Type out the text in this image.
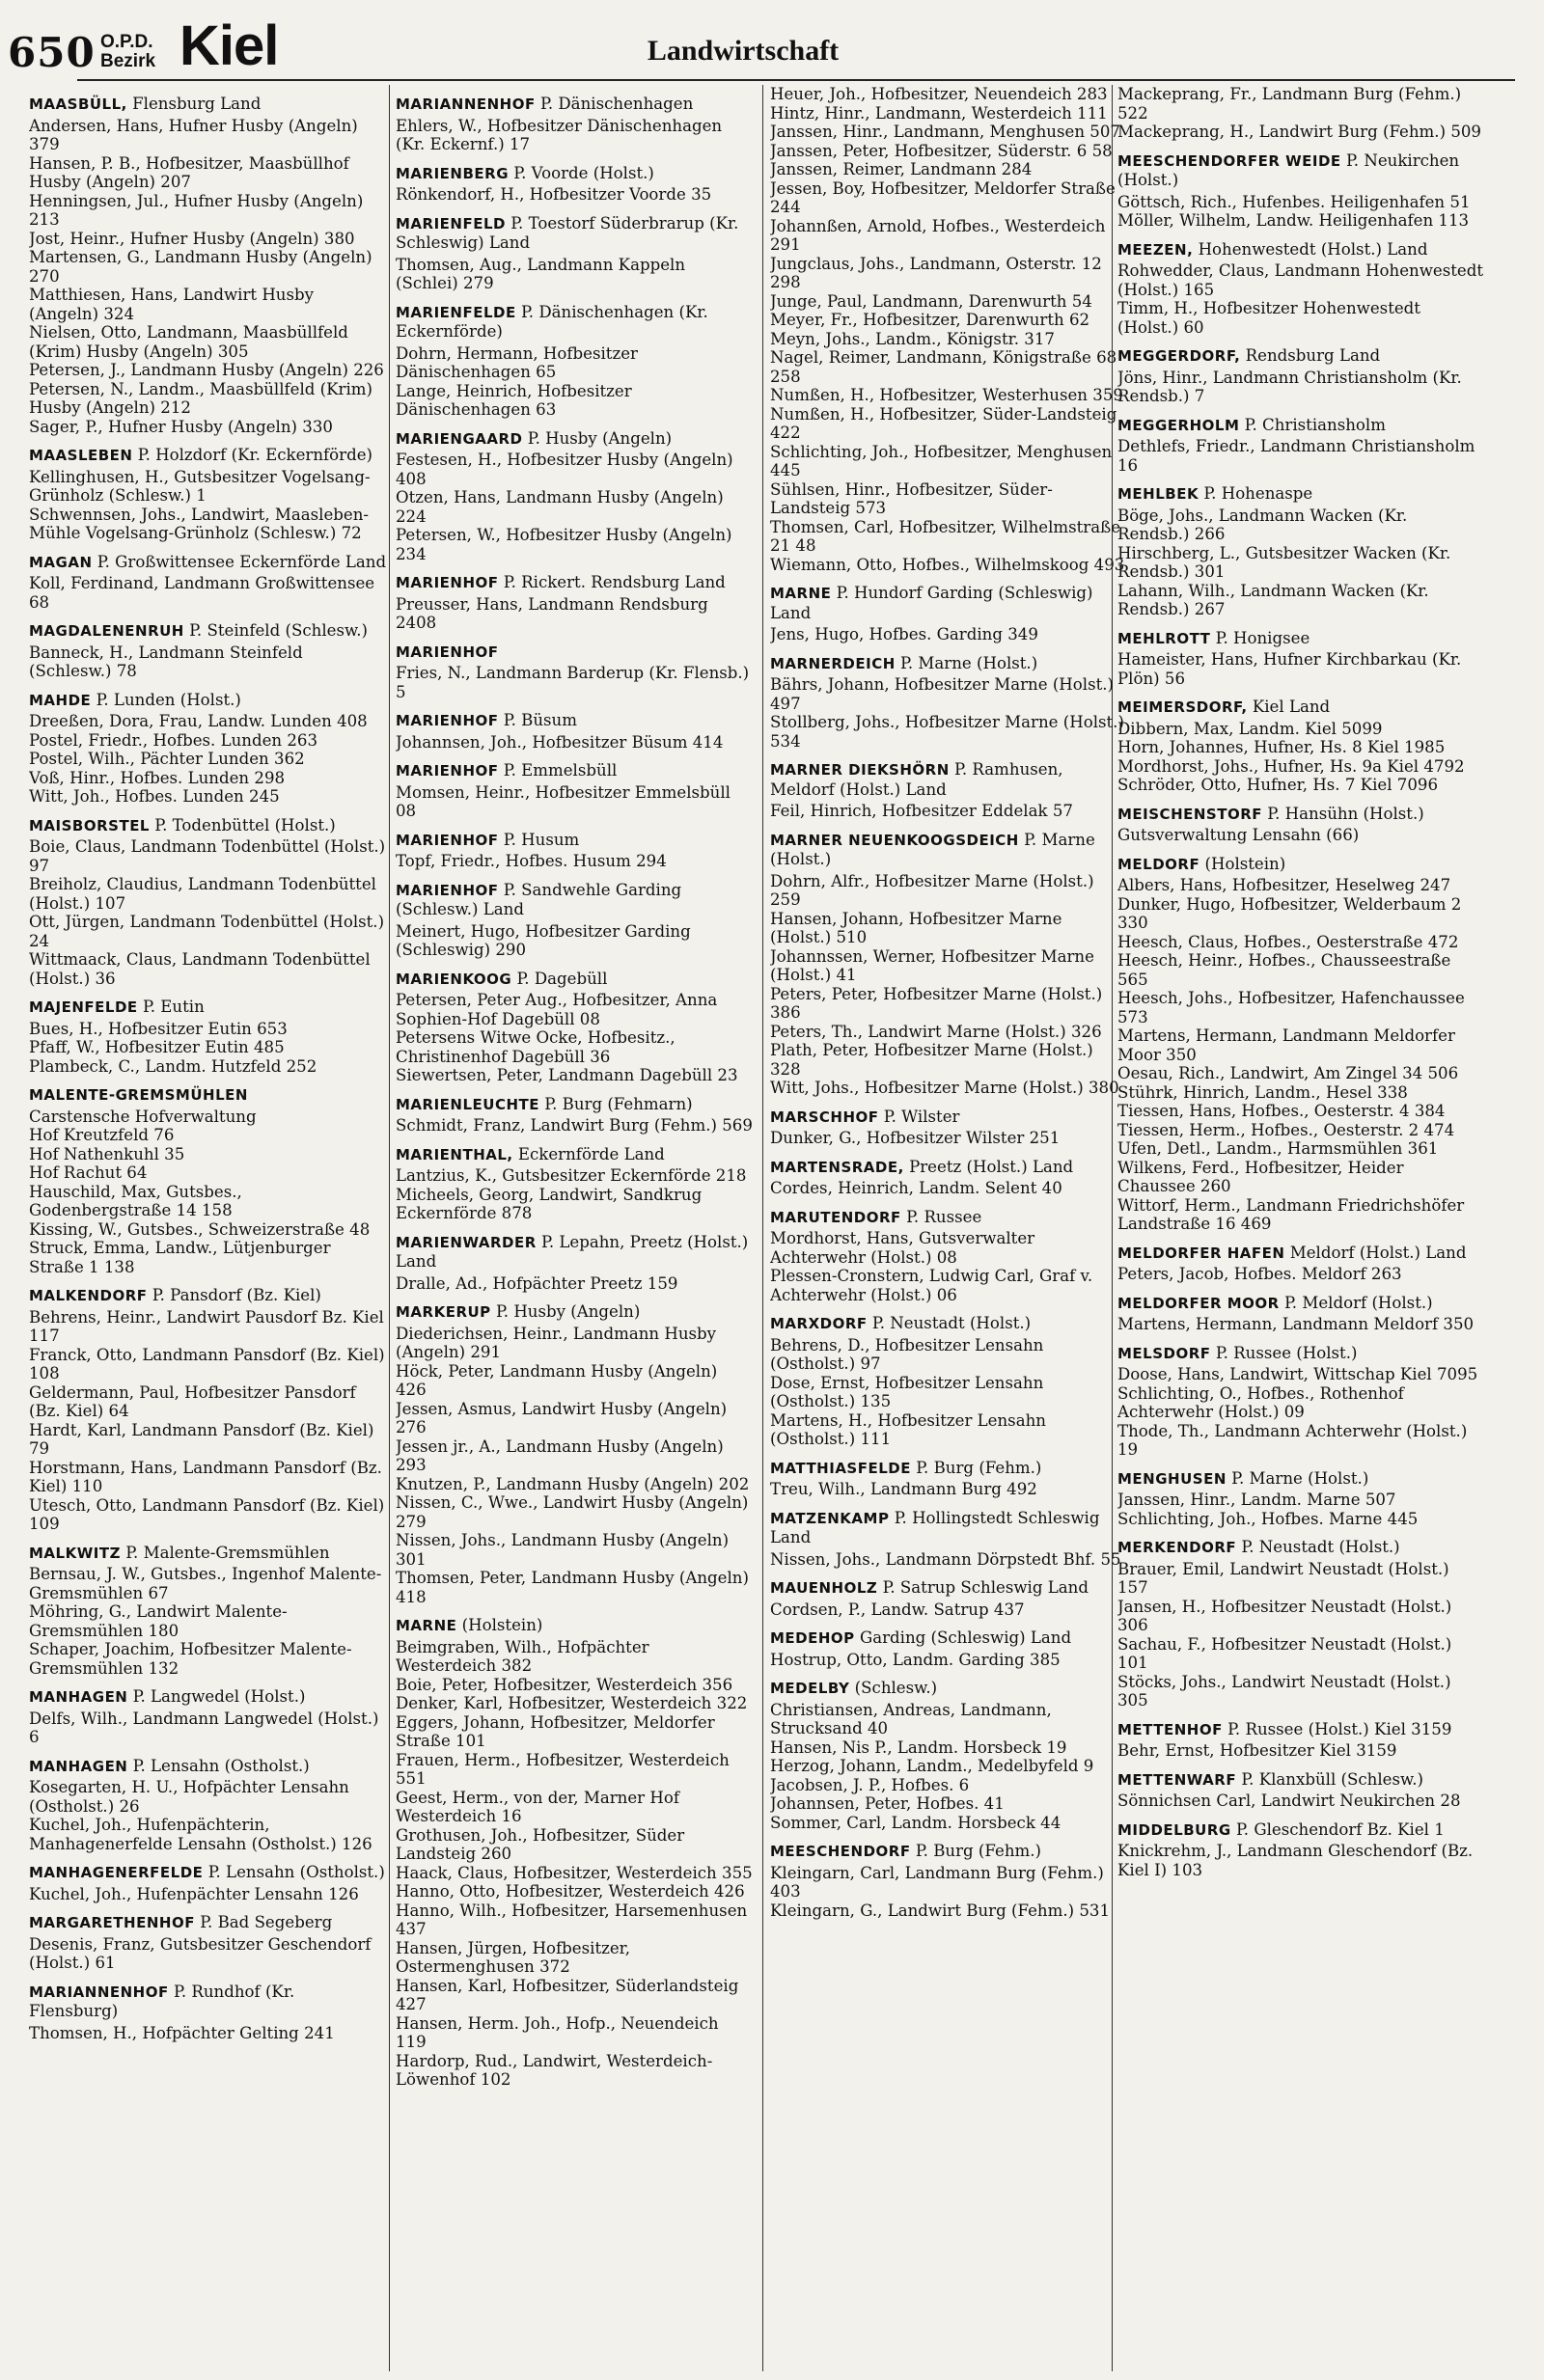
650 O.P.D.
Bezirk Kiel	Landwirtschaft
MAASBÜLL, Flensburg Land
Andersen, Hans, Hufner Husby (Angeln) 379
Hansen, P. B., Hofbesitzer, Maasbüllhof Husby (Angeln) 207
Henningsen, Jul., Hufner Husby (Angeln) 213
Jost, Heinr., Hufner Husby (Angeln) 380
Martensen, G., Landmann Husby (Angeln) 270
Matthiesen, Hans, Landwirt Husby (Angeln) 324
Nielsen, Otto, Landmann, Maasbüllfeld (Krim) Husby (Angeln) 305
Petersen, J., Landmann Husby (Angeln) 226
Petersen, N., Landm., Maasbüllfeld (Krim) Husby (Angeln) 212
Sager, P., Hufner Husby (Angeln) 330
MAASLEBEN P. Holzdorf (Kr. Eckernförde)
Kellinghusen, H., Gutsbesitzer Vogelsang-Grünholz (Schlesw.) 1
Schwennsen, Johs., Landwirt, Maasleben-Mühle Vogelsang-Grünholz (Schlesw.) 72
MAGAN P. Großwittensee Eckernförde Land
Koll, Ferdinand, Landmann Großwittensee 68
MAGDALENENRUH P. Steinfeld (Schlesw.)
Banneck, H., Landmann Steinfeld (Schlesw.) 78
MAHDE P. Lunden (Holst.)
Dreeßen, Dora, Frau, Landw. Lunden 408
Postel, Friedr., Hofbes. Lunden 263
Postel, Wilh., Pächter Lunden 362
Voß, Hinr., Hofbes. Lunden 298
Witt, Joh., Hofbes. Lunden 245
MAISBORSTEL P. Todenbüttel (Holst.)
Boie, Claus, Landmann Todenbüttel (Holst.) 97
Breiholz, Claudius, Landmann Todenbüttel (Holst.) 107
Ott, Jürgen, Landmann Todenbüttel (Holst.) 24
Wittmaack, Claus, Landmann Todenbüttel (Holst.) 36
MAJENFELDE P. Eutin
Bues, H., Hofbesitzer Eutin 653
Pfaff, W., Hofbesitzer Eutin 485
Plambeck, C., Landm. Hutzfeld 252
MALENTE-GREMSMÜHLEN
Carstensche Hofverwaltung
Hof Kreutzfeld 76
Hof Nathenkuhl 35
Hof Rachut 64
Hauschild, Max, Gutsbes., Godenbergstraße 14 158
Kissing, W., Gutsbes., Schweizerstraße 48
Struck, Emma, Landw., Lütjenburger Straße 1 138
MALKENDORF P. Pansdorf (Bz. Kiel)
Behrens, Heinr., Landwirt Pausdorf Bz. Kiel 117
Franck, Otto, Landmann Pansdorf (Bz. Kiel) 108
Geldermann, Paul, Hofbesitzer Pansdorf (Bz. Kiel) 64
Hardt, Karl, Landmann Pansdorf (Bz. Kiel) 79
Horstmann, Hans, Landmann Pansdorf (Bz. Kiel) 110
Utesch, Otto, Landmann Pansdorf (Bz. Kiel) 109
MALKWITZ P. Malente-Gremsmühlen
Bernsau, J. W., Gutsbes., Ingenhof Malente-Gremsmühlen 67
Möhring, G., Landwirt Malente-Gremsmühlen 180
Schaper, Joachim, Hofbesitzer Malente-Gremsmühlen 132
MANHAGEN P. Langwedel (Holst.)
Delfs, Wilh., Landmann Langwedel (Holst.) 6
MANHAGEN P. Lensahn (Ostholst.)
Kosegarten, H. U., Hofpächter Lensahn (Ostholst.) 26
Kuchel, Joh., Hufenpächterin, Manhagenerfelde Lensahn (Ostholst.) 126
MANHAGENERFELDE P. Lensahn (Ostholst.)
Kuchel, Joh., Hufenpächter Lensahn 126
MARGARETHENHOF P. Bad Segeberg
Desenis, Franz, Gutsbesitzer Geschendorf (Holst.) 61
MARIANNENHOF P. Rundhof (Kr. Flensburg)
Thomsen, H., Hofpächter Gelting 241
MARIANNENHOF P. Dänischenhagen
Ehlers, W., Hofbesitzer Dänischenhagen (Kr. Eckernf.) 17
MARIENBERG P. Voorde (Holst.)
Rönkendorf, H., Hofbesitzer Voorde 35
MARIENFELD P. Toestorf Süderbrarup (Kr. Schleswig) Land
Thomsen, Aug., Landmann Kappeln (Schlei) 279
MARIENFELDE P. Dänischenhagen (Kr. Eckernförde)
Dohrn, Hermann, Hofbesitzer Dänischenhagen 65
Lange, Heinrich, Hofbesitzer Dänischenhagen 63
MARIENGAARD P. Husby (Angeln)
Festesen, H., Hofbesitzer Husby (Angeln) 408
Otzen, Hans, Landmann Husby (Angeln) 224
Petersen, W., Hofbesitzer Husby (Angeln) 234
MARIENHOF P. Rickert. Rendsburg Land
Preusser, Hans, Landmann Rendsburg 2408
MARIENHOF
Fries, N., Landmann Barderup (Kr. Flensb.) 5
MARIENHOF P. Büsum
Johannsen, Joh., Hofbesitzer Büsum 414
MARIENHOF P. Emmelsbüll
Momsen, Heinr., Hofbesitzer Emmelsbüll 08
MARIENHOF P. Husum
Topf, Friedr., Hofbes. Husum 294
MARIENHOF P. Sandwehle Garding (Schlesw.) Land
Meinert, Hugo, Hofbesitzer Garding (Schleswig) 290
MARIENKOOG P. Dagebüll
Petersen, Peter Aug., Hofbesitzer, Anna Sophien-Hof Dagebüll 08
Petersens Witwe Ocke, Hofbesitz., Christinenhof Dagebüll 36
Siewertsen, Peter, Landmann Dagebüll 23
MARIENLEUCHTE P. Burg (Fehmarn)
Schmidt, Franz, Landwirt Burg (Fehm.) 569
MARIENTHAL, Eckernförde Land
Lantzius, K., Gutsbesitzer Eckernförde 218
Micheels, Georg, Landwirt, Sandkrug Eckernförde 878
MARIENWARDER P. Lepahn, Preetz (Holst.) Land
Dralle, Ad., Hofpächter Preetz 159
MARKERUP P. Husby (Angeln)
Diederichsen, Heinr., Landmann Husby (Angeln) 291
Höck, Peter, Landmann Husby (Angeln) 426
Jessen, Asmus, Landwirt Husby (Angeln) 276
Jessen jr., A., Landmann Husby (Angeln) 293
Knutzen, P., Landmann Husby (Angeln) 202
Nissen, C., Wwe., Landwirt Husby (Angeln) 279
Nissen, Johs., Landmann Husby (Angeln) 301
Thomsen, Peter, Landmann Husby (Angeln) 418
MARNE (Holstein)
Beimgraben, Wilh., Hofpächter Westerdeich 382
Boie, Peter, Hofbesitzer, Westerdeich 356
Denker, Karl, Hofbesitzer, Westerdeich 322
Eggers, Johann, Hofbesitzer, Meldorfer Straße 101
Frauen, Herm., Hofbesitzer, Westerdeich 551
Geest, Herm., von der, Marner Hof Westerdeich 16
Grothusen, Joh., Hofbesitzer, Süder Landsteig 260
Haack, Claus, Hofbesitzer, Westerdeich 355
Hanno, Otto, Hofbesitzer, Westerdeich 426
Hanno, Wilh., Hofbesitzer, Harsemenhusen 437
Hansen, Jürgen, Hofbesitzer, Ostermenghusen 372
Hansen, Karl, Hofbesitzer, Süderlandsteig 427
Hansen, Herm. Joh., Hofp., Neuendeich 119
Hardorp, Rud., Landwirt, Westerdeich-Löwenhof 102
Heuer, Joh., Hofbesitzer, Neuendeich 283
Hintz, Hinr., Landmann, Westerdeich 111
Janssen, Hinr., Landmann, Menghusen 507
Janssen, Peter, Hofbesitzer, Süderstr. 6 58
Janssen, Reimer, Landmann 284
Jessen, Boy, Hofbesitzer, Meldorfer Straße 244
Johannßen, Arnold, Hofbes., Westerdeich 291
Jungclaus, Johs., Landmann, Osterstr. 12 298
Junge, Paul, Landmann, Darenwurth 54
Meyer, Fr., Hofbesitzer, Darenwurth 62
Meyn, Johs., Landm., Königstr. 317
Nagel, Reimer, Landmann, Königstraße 68 258
Numßen, H., Hofbesitzer, Westerhusen 359
Numßen, H., Hofbesitzer, Süder-Landsteig 422
Schlichting, Joh., Hofbesitzer, Menghusen 445
Sühlsen, Hinr., Hofbesitzer, Süder-Landsteig 573
Thomsen, Carl, Hofbesitzer, Wilhelmstraße 21 48
Wiemann, Otto, Hofbes., Wilhelmskoog 493
MARNE P. Hundorf Garding (Schleswig) Land
Jens, Hugo, Hofbes. Garding 349
MARNERDEICH P. Marne (Holst.)
Bährs, Johann, Hofbesitzer Marne (Holst.) 497
Stollberg, Johs., Hofbesitzer Marne (Holst.) 534
MARNER DIEKSHÖRN P. Ramhusen, Meldorf (Holst.) Land
Feil, Hinrich, Hofbesitzer Eddelak 57
MARNER NEUENKOOGSDEICH P. Marne (Holst.)
Dohrn, Alfr., Hofbesitzer Marne (Holst.) 259
Hansen, Johann, Hofbesitzer Marne (Holst.) 510
Johannssen, Werner, Hofbesitzer Marne (Holst.) 41
Peters, Peter, Hofbesitzer Marne (Holst.) 386
Peters, Th., Landwirt Marne (Holst.) 326
Plath, Peter, Hofbesitzer Marne (Holst.) 328
Witt, Johs., Hofbesitzer Marne (Holst.) 380
MARSCHHOF P. Wilster
Dunker, G., Hofbesitzer Wilster 251
MARTENSRADE, Preetz (Holst.) Land
Cordes, Heinrich, Landm. Selent 40
MARUTENDORF P. Russee
Mordhorst, Hans, Gutsverwalter Achterwehr (Holst.) 08
Plessen-Cronstern, Ludwig Carl, Graf v. Achterwehr (Holst.) 06
MARXDORF P. Neustadt (Holst.)
Behrens, D., Hofbesitzer Lensahn (Ostholst.) 97
Dose, Ernst, Hofbesitzer Lensahn (Ostholst.) 135
Martens, H., Hofbesitzer Lensahn (Ostholst.) 111
MATTHIASFELDE P. Burg (Fehm.)
Treu, Wilh., Landmann Burg 492
MATZENKAMP P. Hollingstedt Schleswig Land
Nissen, Johs., Landmann Dörpstedt Bhf. 55
MAUENHOLZ P. Satrup Schleswig Land
Cordsen, P., Landw. Satrup 437
MEDEHOP Garding (Schleswig) Land
Hostrup, Otto, Landm. Garding 385
MEDELBY (Schlesw.)
Christiansen, Andreas, Landmann, Strucksand 40
Hansen, Nis P., Landm. Horsbeck 19
Herzog, Johann, Landm., Medelbyfeld 9
Jacobsen, J. P., Hofbes. 6
Johannsen, Peter, Hofbes. 41
Sommer, Carl, Landm. Horsbeck 44
MEESCHENDORF P. Burg (Fehm.)
Kleingarn, Carl, Landmann Burg (Fehm.) 403
Kleingarn, G., Landwirt Burg (Fehm.) 531
Mackeprang, Fr., Landmann Burg (Fehm.) 522
Mackeprang, H., Landwirt Burg (Fehm.) 509
MEESCHENDORFER WEIDE P. Neukirchen (Holst.)
Göttsch, Rich., Hufenbes. Heiligenhafen 51
Möller, Wilhelm, Landw. Heiligenhafen 113
MEEZEN, Hohenwestedt (Holst.) Land
Rohwedder, Claus, Landmann Hohenwestedt (Holst.) 165
Timm, H., Hofbesitzer Hohenwestedt (Holst.) 60
MEGGERDORF, Rendsburg Land
Jöns, Hinr., Landmann Christiansholm (Kr. Rendsb.) 7
MEGGERHOLM P. Christiansholm
Dethlefs, Friedr., Landmann Christiansholm 16
MEHLBEK P. Hohenaspe
Böge, Johs., Landmann Wacken (Kr. Rendsb.) 266
Hirschberg, L., Gutsbesitzer Wacken (Kr. Rendsb.) 301
Lahann, Wilh., Landmann Wacken (Kr. Rendsb.) 267
MEHLROTT P. Honigsee
Hameister, Hans, Hufner Kirchbarkau (Kr. Plön) 56
MEIMERSDORF, Kiel Land
Dibbern, Max, Landm. Kiel 5099
Horn, Johannes, Hufner, Hs. 8 Kiel 1985
Mordhorst, Johs., Hufner, Hs. 9a Kiel 4792
Schröder, Otto, Hufner, Hs. 7 Kiel 7096
MEISCHENSTORF P. Hansühn (Holst.)
Gutsverwaltung Lensahn (66)
MELDORF (Holstein)
Albers, Hans, Hofbesitzer, Heselweg 247
Dunker, Hugo, Hofbesitzer, Welderbaum 2 330
Heesch, Claus, Hofbes., Oesterstraße 472
Heesch, Heinr., Hofbes., Chausseestraße 565
Heesch, Johs., Hofbesitzer, Hafenchaussee 573
Martens, Hermann, Landmann Meldorfer Moor 350
Oesau, Rich., Landwirt, Am Zingel 34 506
Stührk, Hinrich, Landm., Hesel 338
Tiessen, Hans, Hofbes., Oesterstr. 4 384
Tiessen, Herm., Hofbes., Oesterstr. 2 474
Ufen, Detl., Landm., Harmsmühlen 361
Wilkens, Ferd., Hofbesitzer, Heider Chaussee 260
Wittorf, Herm., Landmann Friedrichshöfer Landstraße 16 469
MELDORFER HAFEN Meldorf (Holst.) Land
Peters, Jacob, Hofbes. Meldorf 263
MELDORFER MOOR P. Meldorf (Holst.)
Martens, Hermann, Landmann Meldorf 350
MELSDORF P. Russee (Holst.)
Doose, Hans, Landwirt, Wittschap Kiel 7095
Schlichting, O., Hofbes., Rothenhof Achterwehr (Holst.) 09
Thode, Th., Landmann Achterwehr (Holst.) 19
MENGHUSEN P. Marne (Holst.)
Janssen, Hinr., Landm. Marne 507
Schlichting, Joh., Hofbes. Marne 445
MERKENDORF P. Neustadt (Holst.)
Brauer, Emil, Landwirt Neustadt (Holst.) 157
Jansen, H., Hofbesitzer Neustadt (Holst.) 306
Sachau, F., Hofbesitzer Neustadt (Holst.) 101
Stöcks, Johs., Landwirt Neustadt (Holst.) 305
METTENHOF P. Russee (Holst.) Kiel 3159
Behr, Ernst, Hofbesitzer Kiel 3159
METTENWARF P. Klanxbüll (Schlesw.)
Sönnichsen Carl, Landwirt Neukirchen 28
MIDDELBURG P. Gleschendorf Bz. Kiel 1
Knickrehm, J., Landmann Gleschendorf (Bz. Kiel I) 103
